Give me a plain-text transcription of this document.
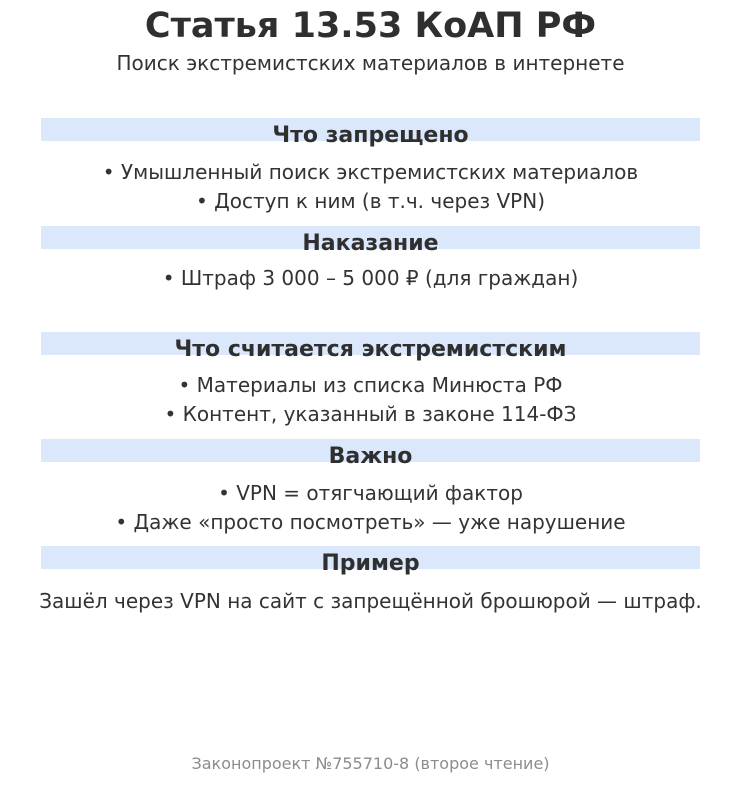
Статья 13.53 КоАП РФ
Поиск экстремистских материалов в интернете
Что запрещено
• Умышленный поиск экстремистских материалов
• Доступ к ним (в т.ч. через VPN)
Наказание
• Штраф 3 000 – 5 000 ₽ (для граждан)
Что считается экстремистским
• Материалы из списка Минюста РФ
• Контент, указанный в законе 114-ФЗ
Важно
• VPN = отягчающий фактор
• Даже «просто посмотреть» — уже нарушение
Пример
Зашёл через VPN на сайт с запрещённой брошюрой — штраф.
Законопроект №755710-8 (второе чтение)
